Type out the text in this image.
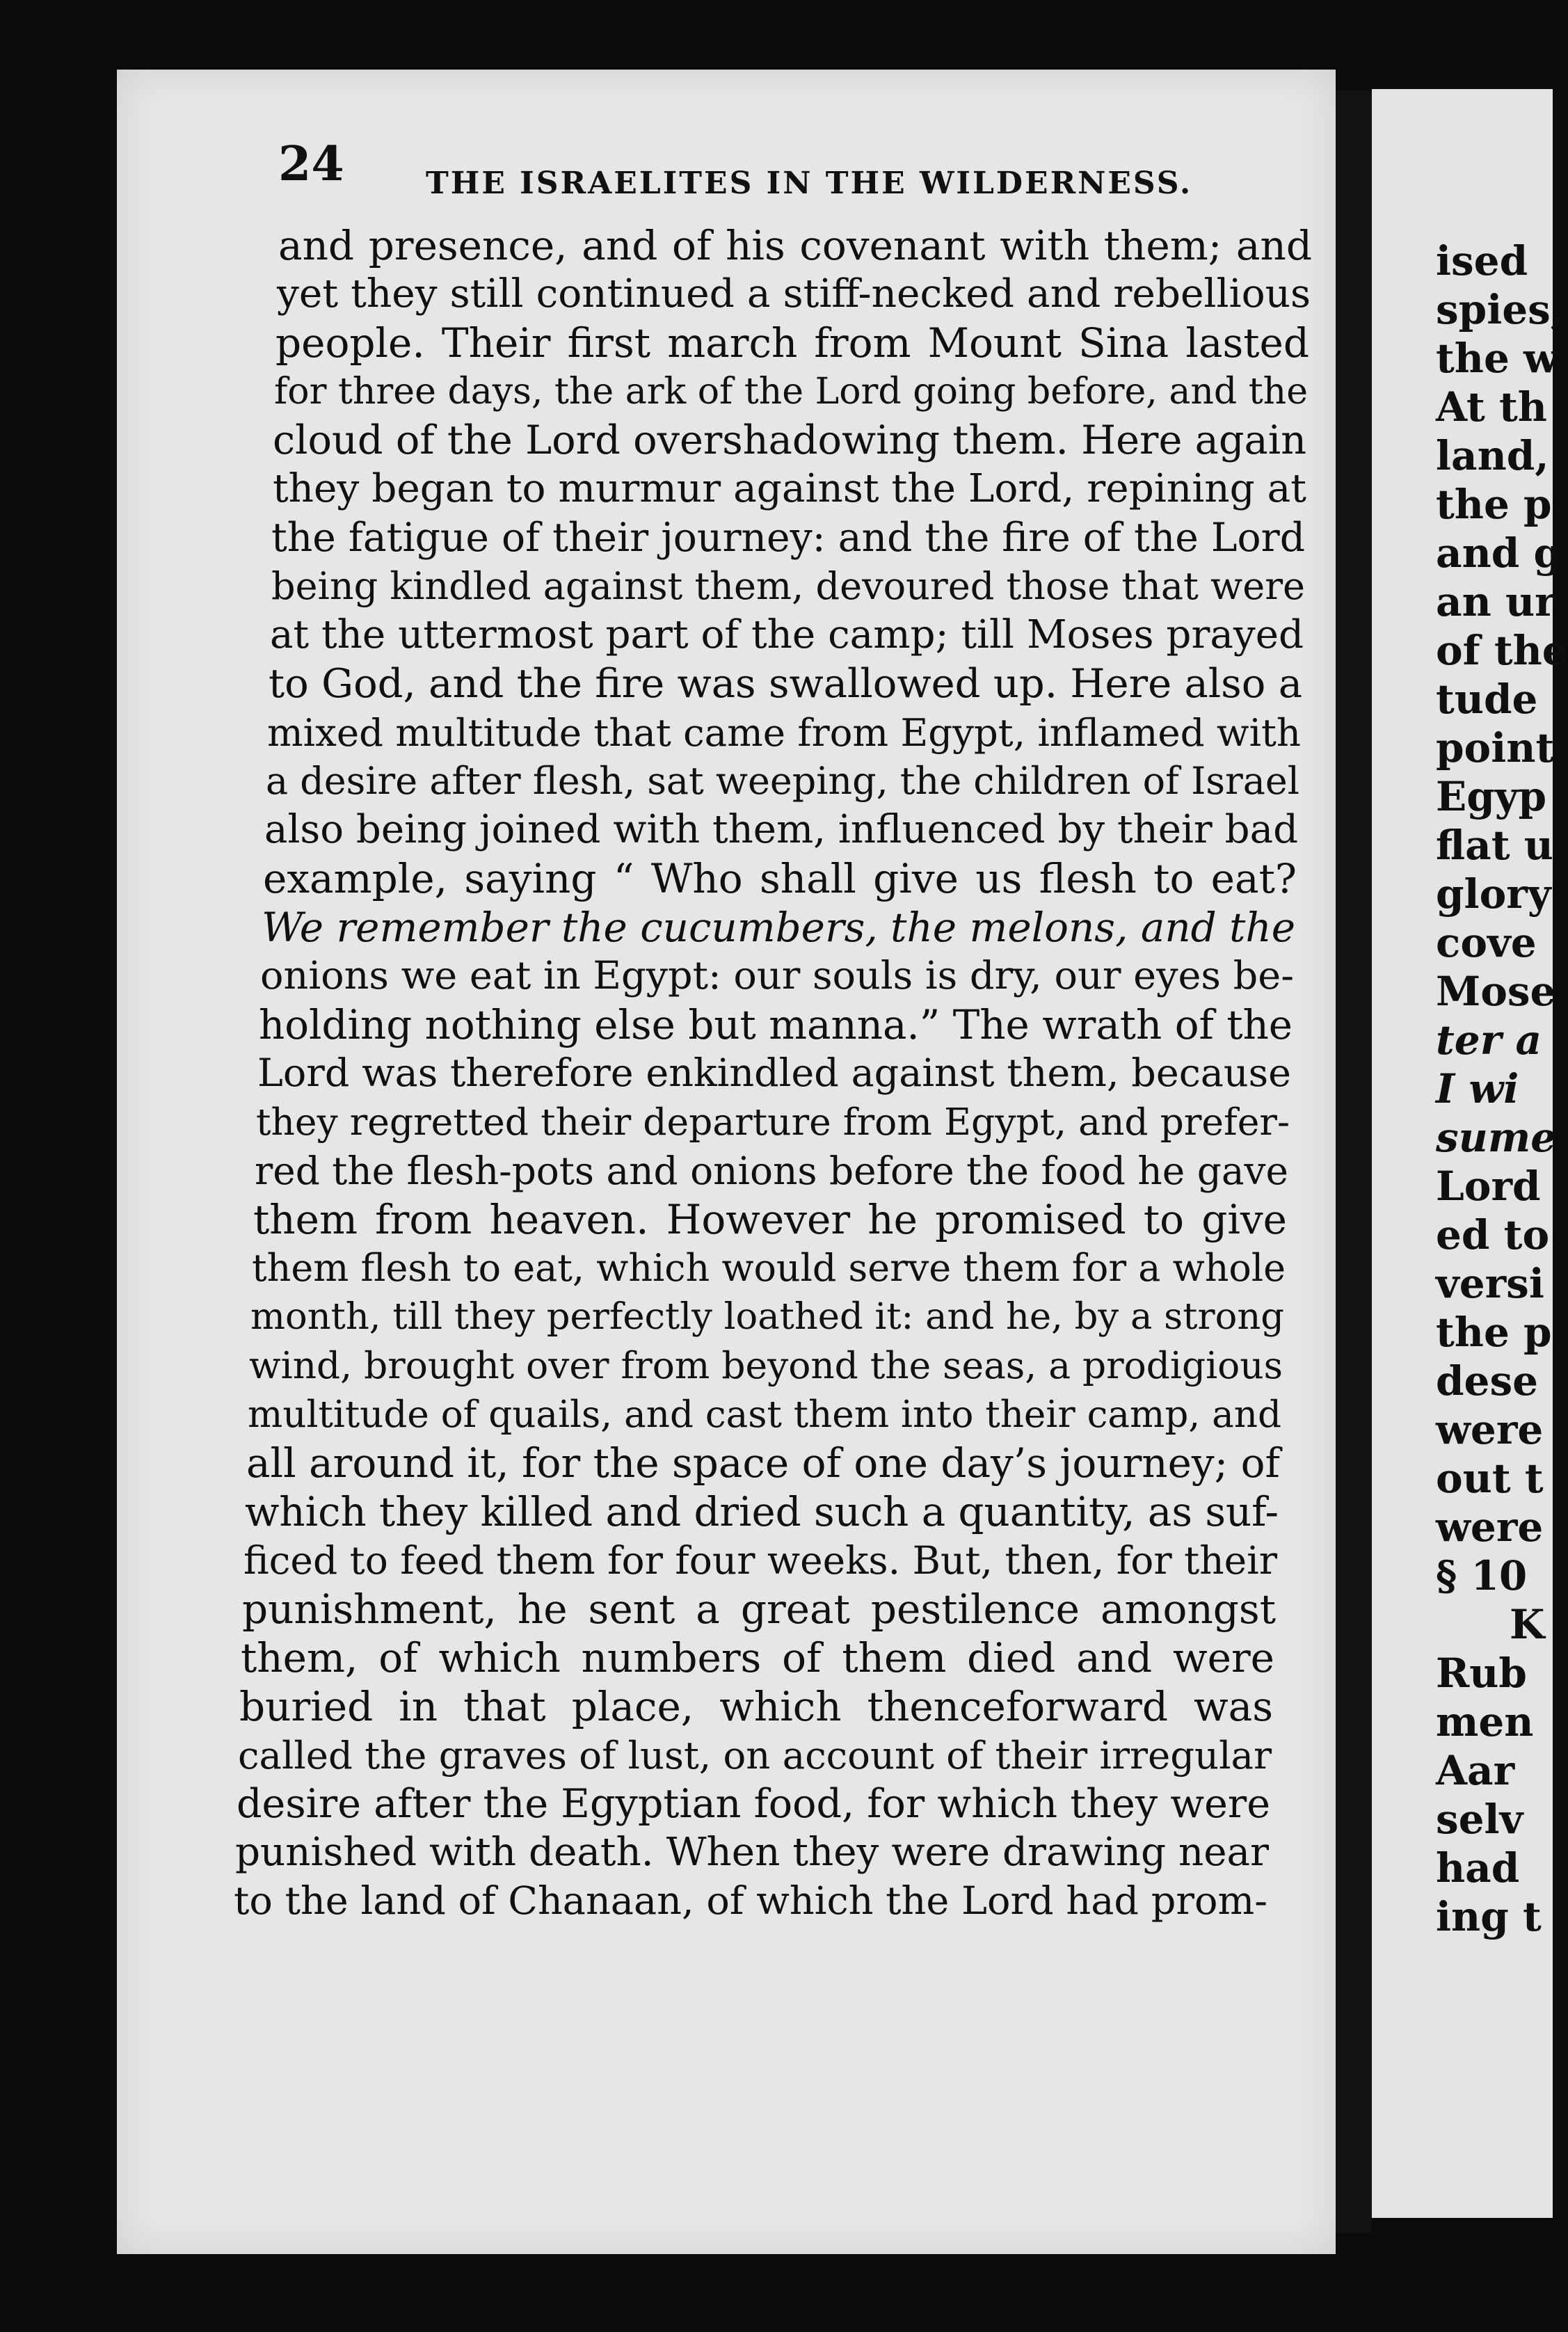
24	THE ISRAELITES IN THE WILDERNESS.
and presence, and of his covenant with them; and
yet they still continued a stiff-necked and rebellious
people. Their first march from Mount Sina lasted
for three days, the ark of the Lord going before, and the
cloud of the Lord overshadowing them. Here again
they began to murmur against the Lord, repining at
the fatigue of their journey: and the fire of the Lord
being kindled against them, devoured those that were
at the uttermost part of the camp; till Moses prayed
to God, and the fire was swallowed up. Here also a
mixed multitude that came from Egypt, inflamed with
a desire after flesh, sat weeping, the children of Israel
also being joined with them, influenced by their bad
example, saying “ Who shall give us flesh to eat?
We remember the cucumbers, the melons, and the
onions we eat in Egypt: our souls is dry, our eyes be-
holding nothing else but manna.” The wrath of the
Lord was therefore enkindled against them, because
they regretted their departure from Egypt, and prefer-
red the flesh-pots and onions before the food he gave
them from heaven. However he promised to give
them flesh to eat, which would serve them for a whole
month, till they perfectly loathed it: and he, by a strong
wind, brought over from beyond the seas, a prodigious
multitude of quails, and cast them into their camp, and
all around it, for the space of one day’s journey; of
which they killed and dried such a quantity, as suf-
ficed to feed them for four weeks. But, then, for their
punishment, he sent a great pestilence amongst
them, of which numbers of them died and were
buried in that place, which thenceforward was
called the graves of lust, on account of their irregular
desire after the Egyptian food, for which they were
punished with death. When they were drawing near
to the land of Chanaan, of which the Lord had prom-
ised
spies,
the w
At th
land,
the p
and g
an ur
of the
tude
point
Egyp
flat u
glory
cove
Mose
ter a
I wi
sume
Lord
ed to
versi
the p
dese
were
out t
were
§ 10
K
Rub
men
Aar
selv
had
ing t
